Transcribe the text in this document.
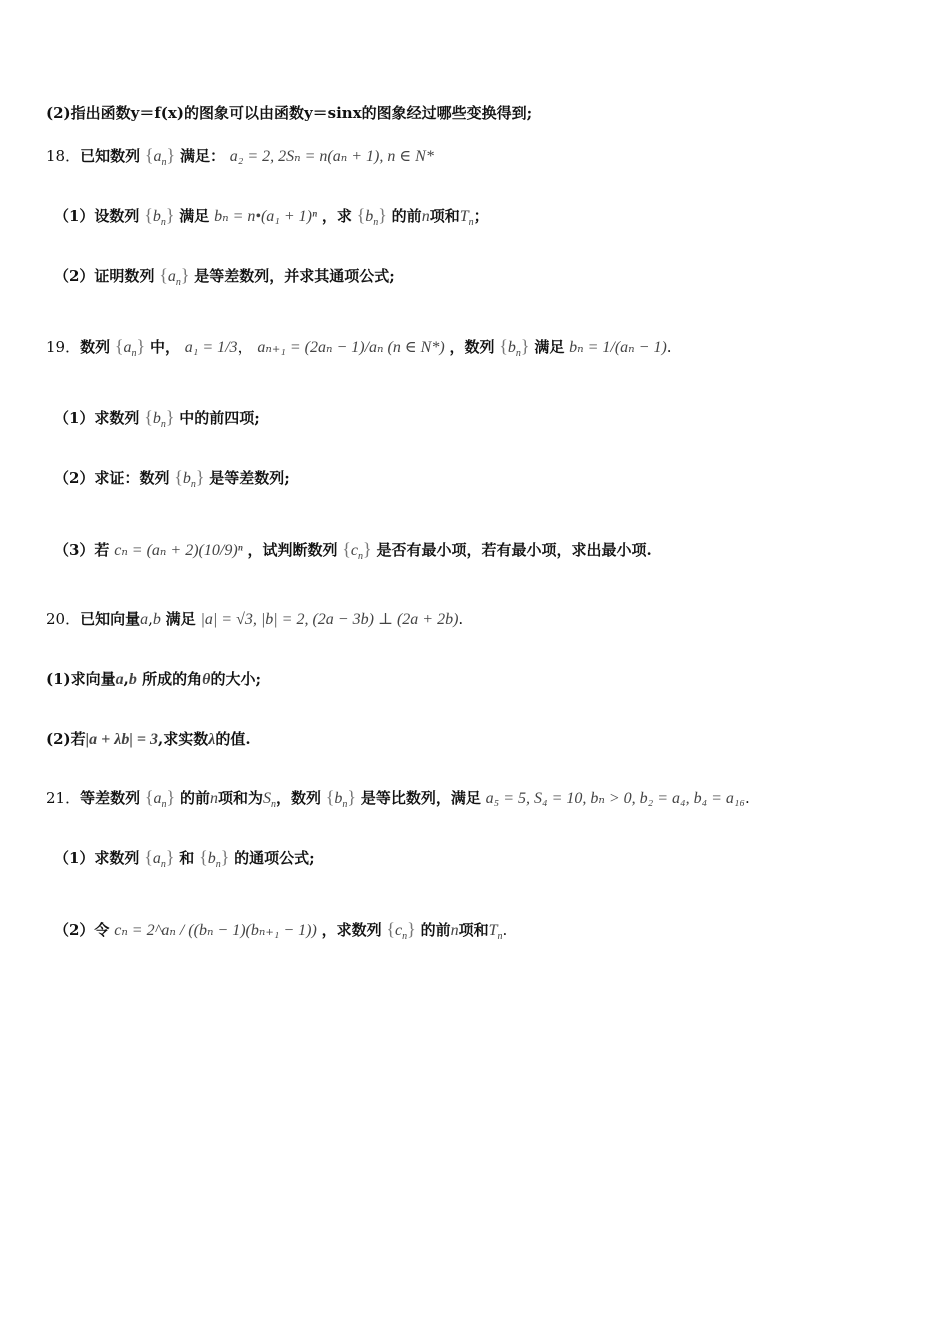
(2)指出函数y＝f(x)的图象可以由函数y＝sinx的图象经过哪些变换得到;
18．已知数列 $\{a_n\}$ 满足： a₂ = 2, 2Sₙ = n(aₙ + 1), n ∈ N*
（1）设数列 $\{b_n\}$ 满足 bₙ = n•(a₁ + 1)ⁿ ，求 $\{b_n\}$ 的前n项和$T_n$；
（2）证明数列 $\{a_n\}$ 是等差数列，并求其通项公式;
19．数列 $\{a_n\}$ 中， a₁ = 1/3， aₙ₊₁ = (2aₙ − 1)/aₙ (n ∈ N*) ，数列 $\{b_n\}$ 满足 bₙ = 1/(aₙ − 1).
（1）求数列 $\{b_n\}$ 中的前四项;
（2）求证：数列 $\{b_n\}$ 是等差数列;
（3）若 cₙ = (aₙ + 2)(10/9)ⁿ ，试判断数列 $\{c_n\}$ 是否有最小项，若有最小项，求出最小项.
20．已知向量a,b 满足 |a| = √3, |b| = 2, (2a − 3b) ⊥ (2a + 2b).
(1)求向量a,b 所成的角θ的大小;
(2)若|a + λb| = 3,求实数λ的值.
21．等差数列 $\{a_n\}$ 的前n项和为$S_n$，数列 $\{b_n\}$ 是等比数列，满足 a₅ = 5, S₄ = 10, bₙ > 0, b₂ = a₄, b₄ = a₁₆.
（1）求数列 $\{a_n\}$ 和 $\{b_n\}$ 的通项公式;
（2）令 cₙ = 2^aₙ / ((bₙ − 1)(bₙ₊₁ − 1)) ，求数列 $\{c_n\}$ 的前n项和$T_n$.
